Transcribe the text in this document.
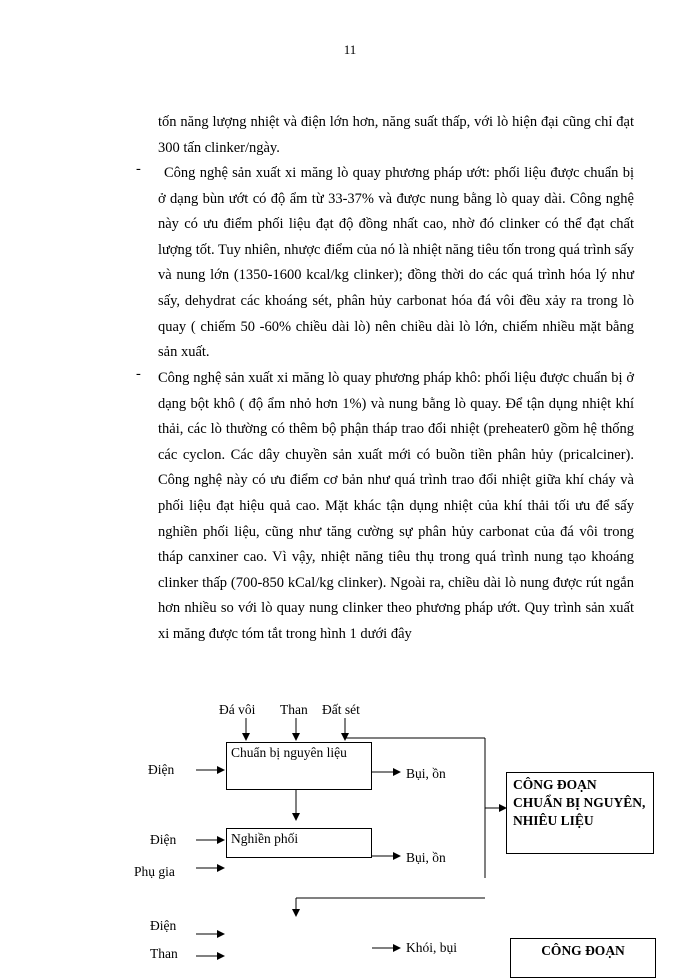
11

tốn năng lượng nhiệt và điện lớn hơn, năng suất thấp, với lò hiện đại cũng chỉ đạt 300 tấn clinker/ngày.

-	Công nghệ sản xuất xi măng lò quay phương pháp ướt: phối liệu được chuẩn bị ở dạng bùn ướt có độ ẩm từ 33-37% và được nung bằng lò quay dài. Công nghệ này có ưu điểm phối liệu đạt độ đồng nhất cao, nhờ đó clinker có thể đạt chất lượng tốt. Tuy nhiên, nhược điểm của nó là nhiệt năng tiêu tốn trong quá trình sấy và nung lớn (1350-1600 kcal/kg clinker); đồng thời do các quá trình hóa lý như sấy, dehydrat các khoáng sét, phân hủy carbonat hóa đá vôi đều xảy ra trong lò quay ( chiếm 50 -60% chiều dài lò) nên chiều dài lò lớn, chiếm nhiều mặt bằng sản xuất.

- Công nghệ sản xuất xi măng lò quay phương pháp khô: phối liệu được chuẩn bị ở dạng bột khô ( độ ẩm nhỏ hơn 1%) và nung bằng lò quay. Để tận dụng nhiệt khí thải, các lò thường có thêm bộ phận tháp trao đổi nhiệt (preheater0 gồm hệ thống các cyclon. Các dây chuyền sản xuất mới có buồn tiền phân hủy (pricalciner). Công nghệ này có ưu điểm cơ bản như quá trình trao đổi nhiệt giữa khí cháy và phối liệu đạt hiệu quả cao. Mặt khác tận dụng nhiệt của khí thải tối ưu để sấy nghiền phối liệu, cũng như tăng cường sự phân hủy carbonat của đá vôi trong tháp canxiner cao. Vì vậy, nhiệt năng tiêu thụ trong quá trình nung tạo khoáng clinker thấp (700-850 kCal/kg clinker). Ngoài ra, chiều dài lò nung được rút ngắn hơn nhiều so với lò quay nung clinker theo phương pháp ướt. Quy trình sản xuất xi măng được tóm tắt trong hình 1 dưới đây

Đá vôi Than Đất sét
Chuẩn bị nguyên liệu
Nghiền phối
Điện
Điện
Phụ gia
Điện
Than
Bụi, ồn
Bụi, ồn
Khói, bụi
CÔNG ĐOẠN CHUẨN BỊ NGUYÊN, NHIÊU LIỆU
CÔNG ĐOẠN
